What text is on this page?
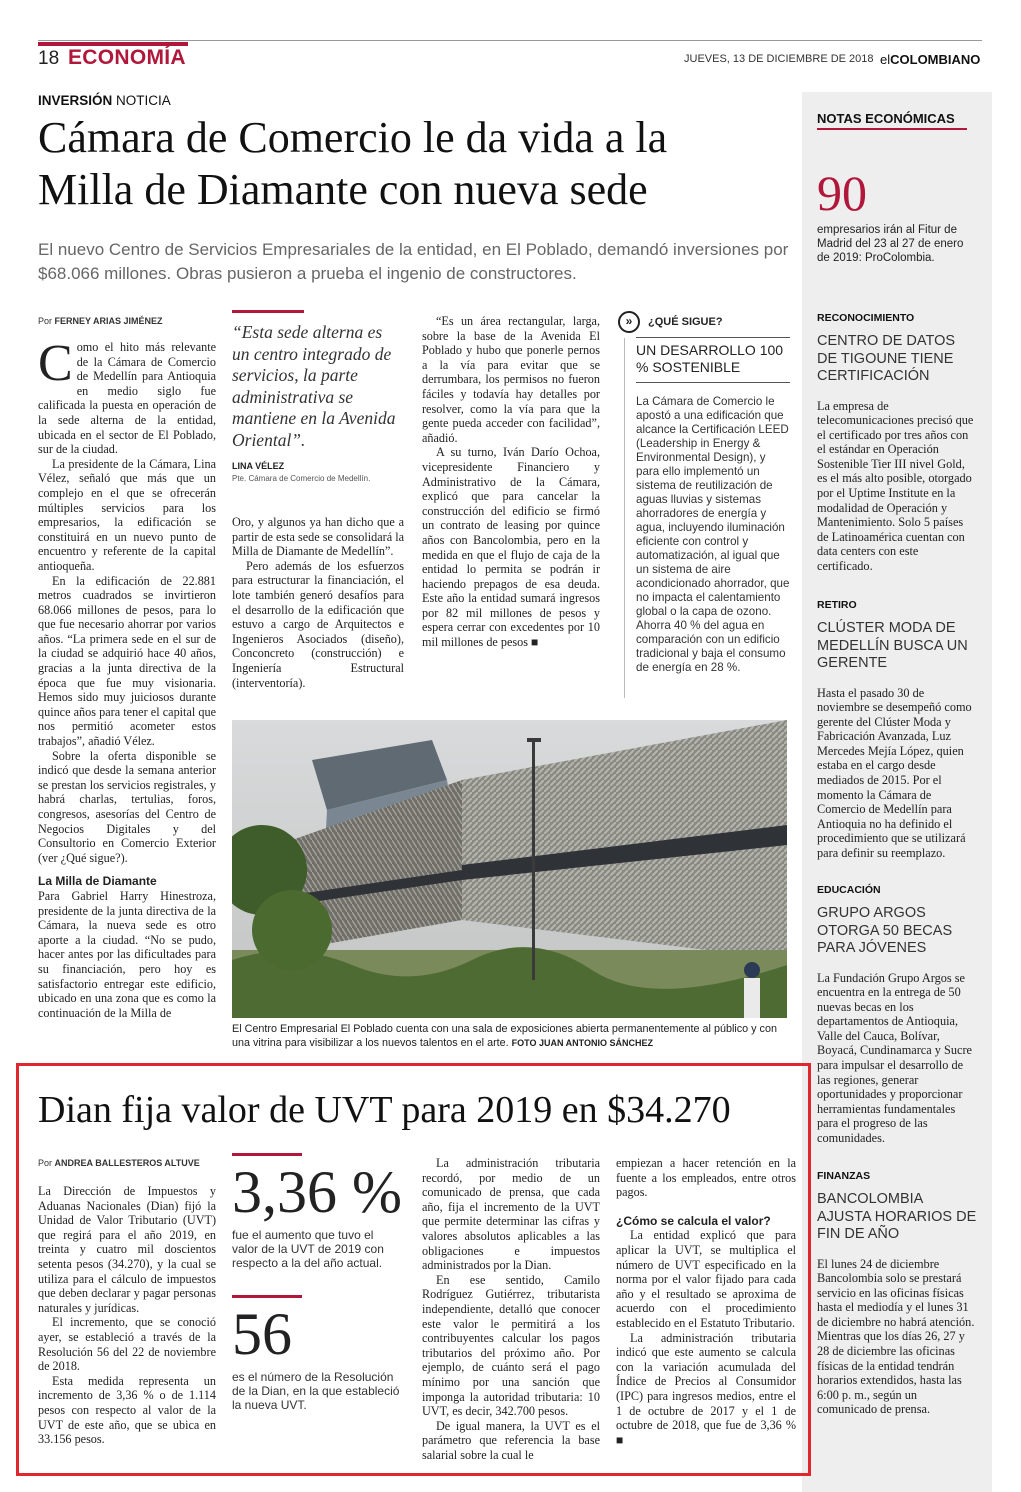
18 ECONOMÍA	JUEVES, 13 DE DICIEMBRE DE 2018 elCOLOMBIANO
NOTAS ECONÓMICAS
90
empresarios irán al Fitur de Madrid del 23 al 27 de enero de 2019: ProColombia.
RECONOCIMIENTO
CENTRO DE DATOS DE TIGOUNE TIENE CERTIFICACIÓN
La empresa de telecomunicaciones precisó que el certificado por tres años con el estándar en Operación Sostenible Tier III nivel Gold, es el más alto posible, otorgado por el Uptime Institute en la modalidad de Operación y Mantenimiento. Solo 5 países de Latinoamérica cuentan con data centers con este certificado.
RETIRO
CLÚSTER MODA DE MEDELLÍN BUSCA UN GERENTE
Hasta el pasado 30 de noviembre se desempeñó como gerente del Clúster Moda y Fabricación Avanzada, Luz Mercedes Mejía López, quien estaba en el cargo desde mediados de 2015. Por el momento la Cámara de Comercio de Medellín para Antioquia no ha definido el procedimiento que se utilizará para definir su reemplazo.
EDUCACIÓN
GRUPO ARGOS OTORGA 50 BECAS PARA JÓVENES
La Fundación Grupo Argos se encuentra en la entrega de 50 nuevas becas en los departamentos de Antioquia, Valle del Cauca, Bolívar, Boyacá, Cundinamarca y Sucre para impulsar el desarrollo de las regiones, generar oportunidades y proporcionar herramientas fundamentales para el progreso de las comunidades.
FINANZAS
BANCOLOMBIA AJUSTA HORARIOS DE FIN DE AÑO
El lunes 24 de diciembre Bancolombia solo se prestará servicio en las oficinas físicas hasta el mediodía y el lunes 31 de diciembre no habrá atención. Mientras que los días 26, 27 y 28 de diciembre las oficinas físicas de la entidad tendrán horarios extendidos, hasta las 6:00 p. m., según un comunicado de prensa.
INVERSIÓN NOTICIA
Cámara de Comercio le da vida a la
Milla de Diamante con nueva sede
El nuevo Centro de Servicios Empresariales de la entidad, en El Poblado, demandó inversiones por $68.066 millones. Obras pusieron a prueba el ingenio de constructores.
Por FERNEY ARIAS JIMÉNEZ

Como el hito más relevante de la Cámara de Comercio de Medellín para Antioquia en medio siglo fue calificada la puesta en operación de la sede alterna de la entidad, ubicada en el sector de El Poblado, sur de la ciudad.

La presidente de la Cámara, Lina Vélez, señaló que más que un complejo en el que se ofrecerán múltiples servicios para los empresarios, la edificación se constituirá en un nuevo punto de encuentro y referente de la capital antioqueña.

En la edificación de 22.881 metros cuadrados se invirtieron 68.066 millones de pesos, para lo que fue necesario ahorrar por varios años. “La primera sede en el sur de la ciudad se adquirió hace 40 años, gracias a la junta directiva de la época que fue muy visionaria. Hemos sido muy juiciosos durante quince años para tener el capital que nos permitió acometer estos trabajos”, añadió Vélez.

Sobre la oferta disponible se indicó que desde la semana anterior se prestan los servicios registrales, y habrá charlas, tertulias, foros, congresos, asesorías del Centro de Negocios Digitales y del Consultorio en Comercio Exterior (ver ¿Qué sigue?).

La Milla de Diamante

Para Gabriel Harry Hinestroza, presidente de la junta directiva de la Cámara, la nueva sede es otro aporte a la ciudad. “No se pudo, hacer antes por las dificultades para su financiación, pero hoy es satisfactorio entregar este edificio, ubicado en una zona que es como la continuación de la Milla de

“Esta sede alterna es un centro integrado de servicios, la parte administrativa se mantiene en la Avenida Oriental”.
LINA VÉLEZ
Pte. Cámara de Comercio de Medellín.

Oro, y algunos ya han dicho que a partir de esta sede se consolidará la Milla de Diamante de Medellín”.

Pero además de los esfuerzos para estructurar la financiación, el lote también generó desafíos para el desarrollo de la edificación que estuvo a cargo de Arquitectos e Ingenieros Asociados (diseño), Conconcreto (construcción) e Ingeniería Estructural (interventoría).

“Es un área rectangular, larga, sobre la base de la Avenida El Poblado y hubo que ponerle pernos a la vía para evitar que se derrumbara, los permisos no fueron fáciles y todavía hay detalles por resolver, como la vía para que la gente pueda acceder con facilidad”, añadió.

A su turno, Iván Darío Ochoa, vicepresidente Financiero y Administrativo de la Cámara, explicó que para cancelar la construcción del edificio se firmó un contrato de leasing por quince años con Bancolombia, pero en la medida en que el flujo de caja de la entidad lo permita se podrán ir haciendo prepagos de esa deuda. Este año la entidad sumará ingresos por 82 mil millones de pesos y espera cerrar con excedentes por 10 mil millones de pesos ■

»	¿QUÉ SIGUE?
UN DESARROLLO 100 % SOSTENIBLE
La Cámara de Comercio le apostó a una edificación que alcance la Certificación LEED (Leadership in Energy & Environmental Design), y para ello implementó un sistema de reutilización de aguas lluvias y sistemas ahorradores de energía y agua, incluyendo iluminación eficiente con control y automatización, al igual que un sistema de aire acondicionado ahorrador, que no impacta el calentamiento global o la capa de ozono. Ahorra 40 % del agua en comparación con un edificio tradicional y baja el consumo de energía en 28 %.
El Centro Empresarial El Poblado cuenta con una sala de exposiciones abierta permanentemente al público y con una vitrina para visibilizar a los nuevos talentos en el arte. FOTO JUAN ANTONIO SÁNCHEZ
Dian fija valor de UVT para 2019 en $34.270
Por ANDREA BALLESTEROS ALTUVE

La Dirección de Impuestos y Aduanas Nacionales (Dian) fijó la Unidad de Valor Tributario (UVT) que regirá para el año 2019, en treinta y cuatro mil doscientos setenta pesos (34.270), y la cual se utiliza para el cálculo de impuestos que deben declarar y pagar personas naturales y jurídicas.

El incremento, que se conoció ayer, se estableció a través de la Resolución 56 del 22 de noviembre de 2018.

Esta medida representa un incremento de 3,36 % o de 1.114 pesos con respecto al valor de la UVT de este año, que se ubica en 33.156 pesos.

3,36 %
fue el aumento que tuvo el valor de la UVT de 2019 con respecto a la del año actual.
56
es el número de la Resolución de la Dian, en la que estableció la nueva UVT.

La administración tributaria recordó, por medio de un comunicado de prensa, que cada año, fija el incremento de la UVT que permite determinar las cifras y valores absolutos aplicables a las obligaciones e impuestos administrados por la Dian.

En ese sentido, Camilo Rodríguez Gutiérrez, tributarista independiente, detalló que conocer este valor le permitirá a los contribuyentes calcular los pagos tributarios del próximo año. Por ejemplo, de cuánto será el pago mínimo por una sanción que imponga la autoridad tributaria: 10 UVT, es decir, 342.700 pesos.

De igual manera, la UVT es el parámetro que referencia la base salarial sobre la cual le

empiezan a hacer retención en la fuente a los empleados, entre otros pagos.

¿Cómo se calcula el valor?

La entidad explicó que para aplicar la UVT, se multiplica el número de UVT especificado en la norma por el valor fijado para cada año y el resultado se aproxima de acuerdo con el procedimiento establecido en el Estatuto Tributario.

La administración tributaria indicó que este aumento se calcula con la variación acumulada del Índice de Precios al Consumidor (IPC) para ingresos medios, entre el 1 de octubre de 2017 y el 1 de octubre de 2018, que fue de 3,36 % ■
